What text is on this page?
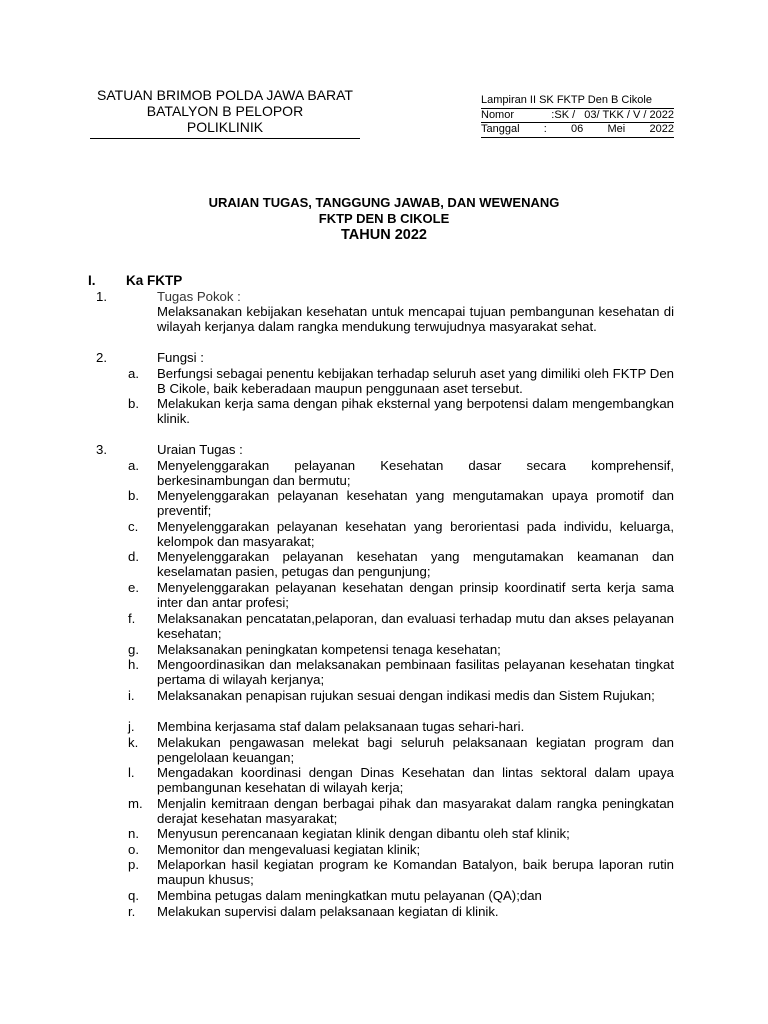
SATUAN BRIMOB POLDA JAWA BARAT
BATALYON B PELOPOR
POLIKLINIK
Lampiran II SK FKTP Den B Cikole
Nomor	:SK /   03/ TKK / V / 2022
Tanggal : 06 Mei 2022
URAIAN TUGAS, TANGGUNG JAWAB, DAN WEWENANG
FKTP DEN B CIKOLE
TAHUN 2022
I. Ka FKTP
1.	Tugas Pokok :
Melaksanakan kebijakan kesehatan untuk mencapai tujuan pembangunan kesehatan di wilayah kerjanya dalam rangka mendukung terwujudnya masyarakat sehat.
2.	Fungsi :
a.	Berfungsi sebagai penentu kebijakan terhadap seluruh aset yang dimiliki oleh FKTP Den B Cikole, baik keberadaan maupun penggunaan aset tersebut.
b.	Melakukan kerja sama dengan pihak eksternal yang berpotensi dalam mengembangkan klinik.
3.	Uraian Tugas :
a.	Menyelenggarakan pelayanan Kesehatan dasar secara komprehensif, berkesinambungan dan bermutu;
b.	Menyelenggarakan pelayanan kesehatan yang mengutamakan upaya promotif dan preventif;
c.	Menyelenggarakan pelayanan kesehatan yang berorientasi pada individu, keluarga, kelompok dan masyarakat;
d.	Menyelenggarakan pelayanan kesehatan yang mengutamakan keamanan dan keselamatan pasien, petugas dan pengunjung;
e.	Menyelenggarakan pelayanan kesehatan dengan prinsip koordinatif serta kerja sama inter dan antar profesi;
f.	Melaksanakan pencatatan,pelaporan, dan evaluasi terhadap mutu dan akses pelayanan kesehatan;
g.	Melaksanakan peningkatan kompetensi tenaga kesehatan;
h.	Mengoordinasikan dan melaksanakan pembinaan fasilitas pelayanan kesehatan tingkat pertama di wilayah kerjanya;
i.	Melaksanakan penapisan rujukan sesuai dengan indikasi medis dan Sistem Rujukan;
j.	Membina kerjasama staf dalam pelaksanaan tugas sehari-hari.
k.	Melakukan pengawasan melekat bagi seluruh pelaksanaan kegiatan program dan pengelolaan keuangan;
l.	Mengadakan koordinasi dengan Dinas Kesehatan dan lintas sektoral dalam upaya pembangunan kesehatan di wilayah kerja;
m.	Menjalin kemitraan dengan berbagai pihak dan masyarakat dalam rangka peningkatan derajat kesehatan masyarakat;
n.	Menyusun perencanaan kegiatan klinik dengan dibantu oleh staf klinik;
o.	Memonitor dan mengevaluasi kegiatan klinik;
p.	Melaporkan hasil kegiatan program ke Komandan Batalyon, baik berupa laporan rutin maupun khusus;
q.	Membina petugas dalam meningkatkan mutu pelayanan (QA);dan
r.	Melakukan supervisi dalam pelaksanaan kegiatan di klinik.
